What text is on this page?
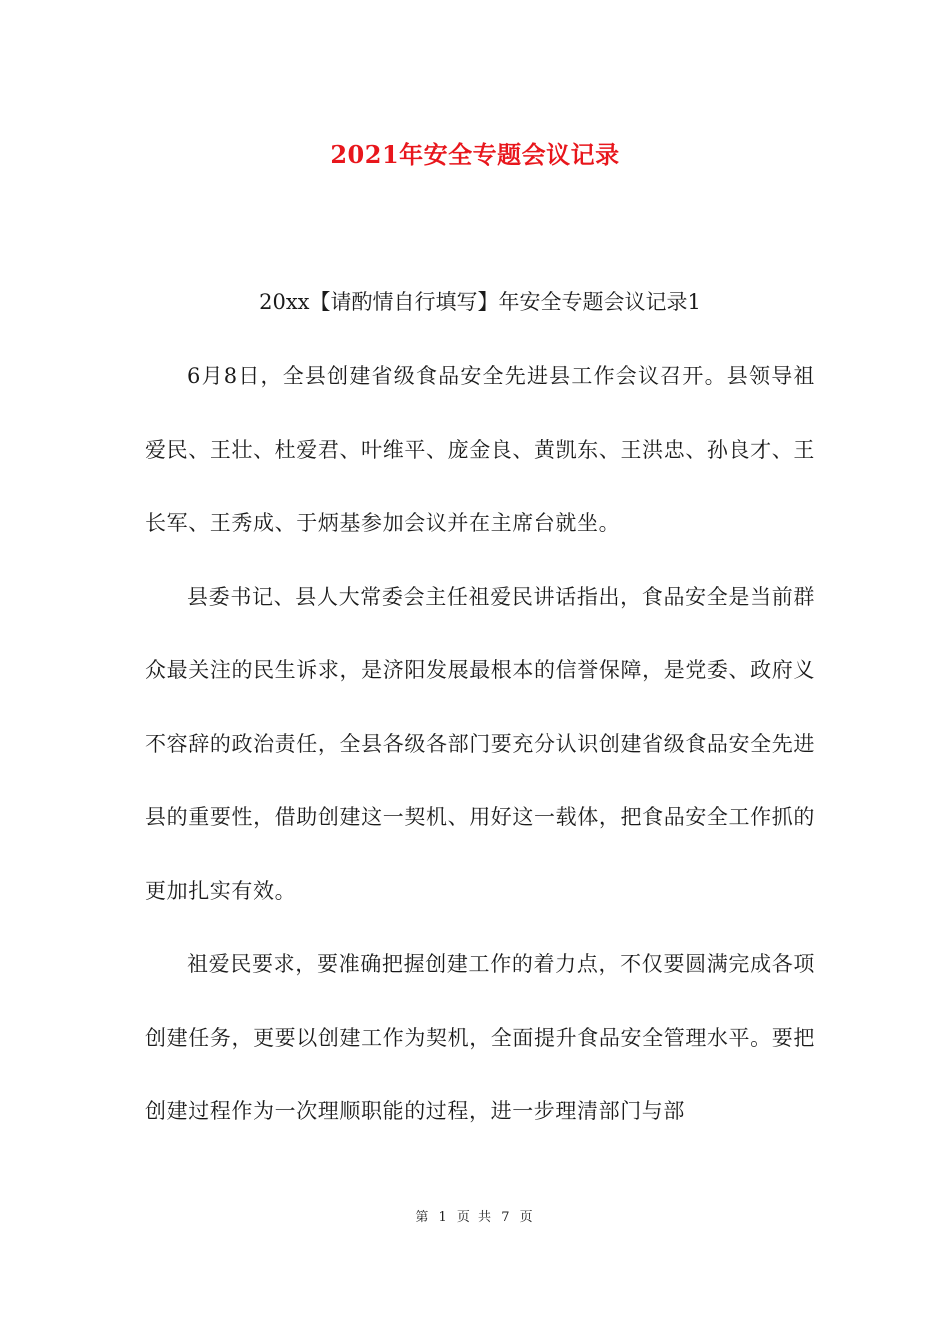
2021年安全专题会议记录

20xx【请酌情自行填写】年安全专题会议记录1

6月8日，全县创建省级食品安全先进县工作会议召开。县领导祖爱民、王壮、杜爱君、叶维平、庞金良、黄凯东、王洪忠、孙良才、王长军、王秀成、于炳基参加会议并在主席台就坐。

县委书记、县人大常委会主任祖爱民讲话指出，食品安全是当前群众最关注的民生诉求，是济阳发展最根本的信誉保障，是党委、政府义不容辞的政治责任，全县各级各部门要充分认识创建省级食品安全先进县的重要性，借助创建这一契机、用好这一载体，把食品安全工作抓的更加扎实有效。

祖爱民要求，要准确把握创建工作的着力点，不仅要圆满完成各项创建任务，更要以创建工作为契机，全面提升食品安全管理水平。要把创建过程作为一次理顺职能的过程，进一步理清部门与部

第 1 页 共 7 页
